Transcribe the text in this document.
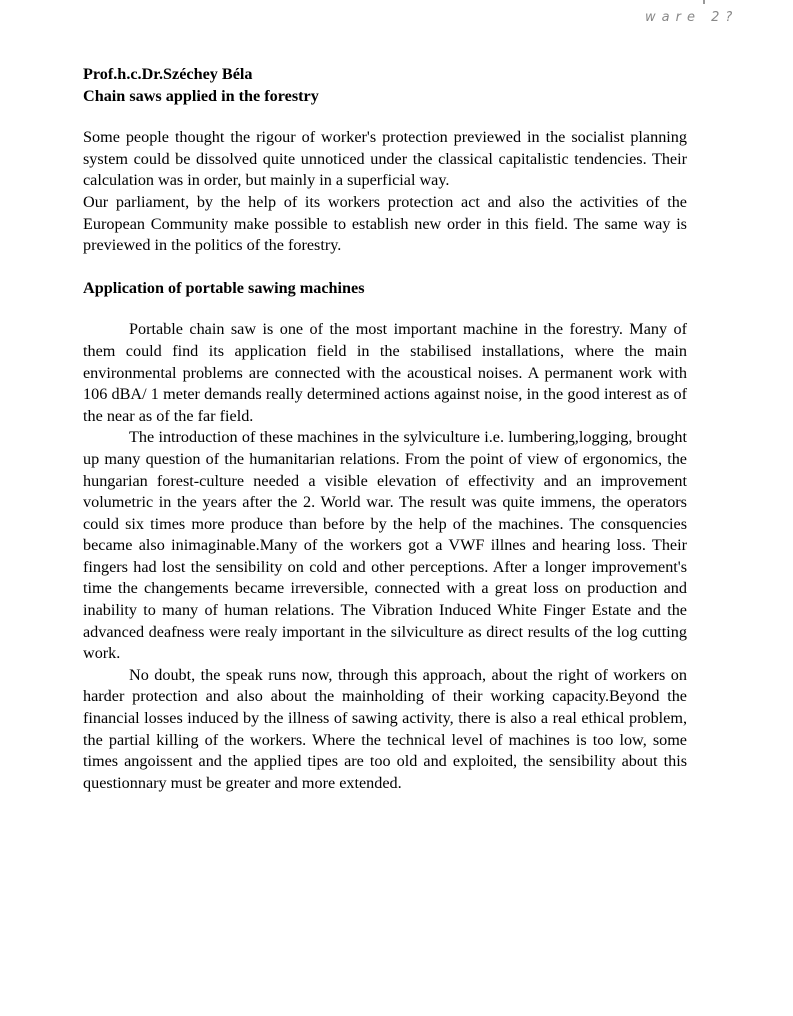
ware 2?

Prof.h.c.Dr.Széchey Béla

Chain saws applied in the forestry

Some people thought the rigour of worker's protection previewed in the socialist planning system could be dissolved quite unnoticed under the classical capitalistic tendencies. Their calculation was in order, but mainly in a superficial way.

Our parliament, by the help of its workers protection act and also the activities of the European Community make possible to establish new order in this field. The same way is previewed in the politics of the forestry.

Application of portable sawing machines

Portable chain saw is one of the most important machine in the forestry. Many of them could find its application field in the stabilised installations, where the main environmental problems are connected with the acoustical noises. A permanent work with 106 dBA/ 1 meter demands really determined actions against noise, in the good interest as of the near as of the far field.

The introduction of these machines in the sylviculture i.e. lumbering,logging, brought up many question of the humanitarian relations. From the point of view of ergonomics, the hungarian forest-culture needed a visible elevation of effectivity and an improvement volumetric in the years after the 2. World war. The result was quite immens, the operators could six times more produce than before by the help of the machines. The consquencies became also inimaginable.Many of the workers got a VWF illnes and hearing loss. Their fingers had lost the sensibility on cold and other perceptions. After a longer improvement's time the changements became irreversible, connected with a great loss on production and inability to many of human relations. The Vibration Induced White Finger Estate and the advanced deafness were realy important in the silviculture as direct results of the log cutting work.

No doubt, the speak runs now, through this approach, about the right of workers on harder protection and also about the mainholding of their working capacity.Beyond the financial losses induced by the illness of sawing activity, there is also a real ethical problem, the partial killing of the workers. Where the technical level of machines is too low, some times angoissent and the applied tipes are too old and exploited, the sensibility about this questionnary must be greater and more extended.
